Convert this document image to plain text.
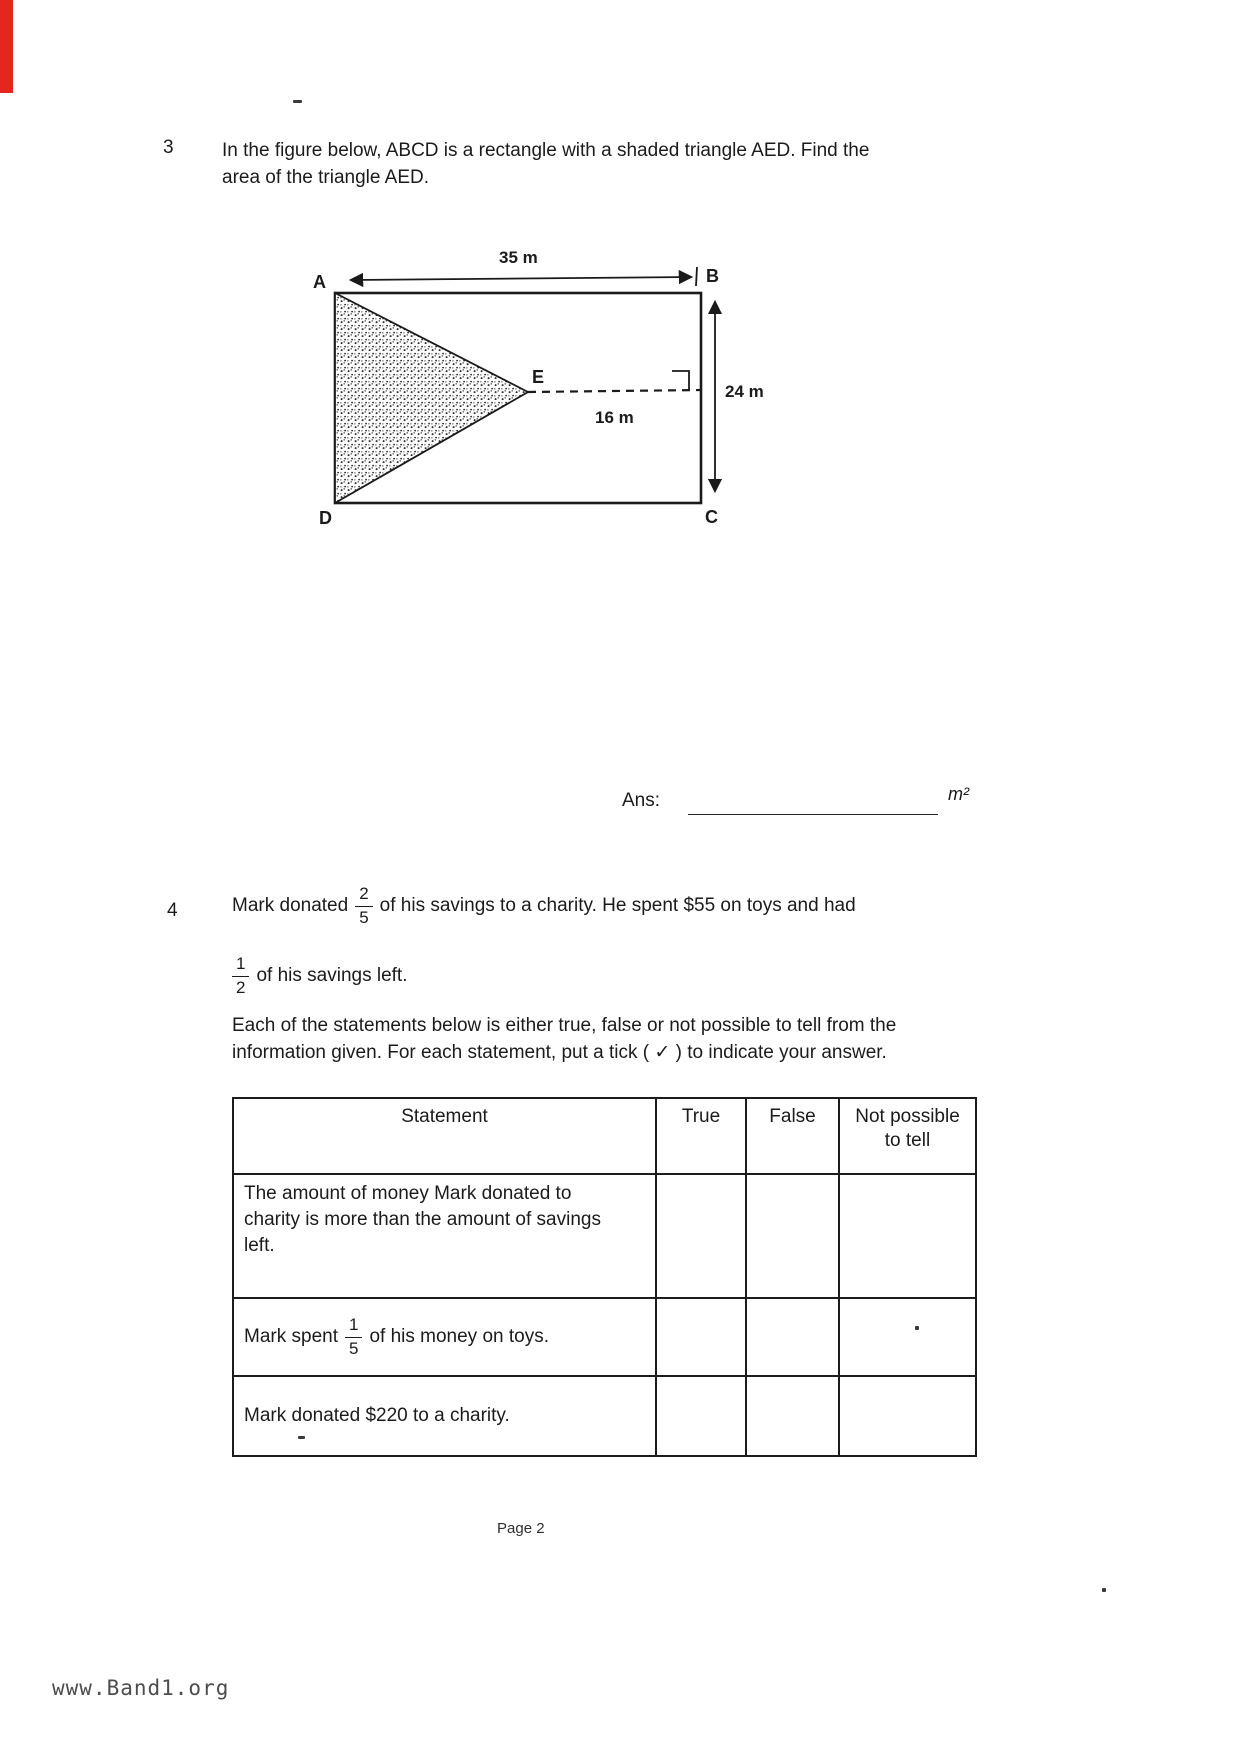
3	In the figure below, ABCD is a rectangle with a shaded triangle AED. Find the
area of the triangle AED.
A	B
C
D
E
35 m
24 m
16 m
Ans:	m²
4	Mark donated $\frac{2}{5}$ of his savings to a charity. He spent $55 on toys and had
$\frac{1}{2}$ of his savings left.
Each of the statements below is either true, false or not possible to tell from the information given. For each statement, put a tick ( ✓ ) to indicate your answer.
Statement	True	False	Not possible to tell

The amount of money Mark donated to charity is more than the amount of savings left.			

Mark spent $\frac{1}{5}$ of his money on toys.			

Mark donated $220 to a charity.			

Page 2
www.Band1.org
